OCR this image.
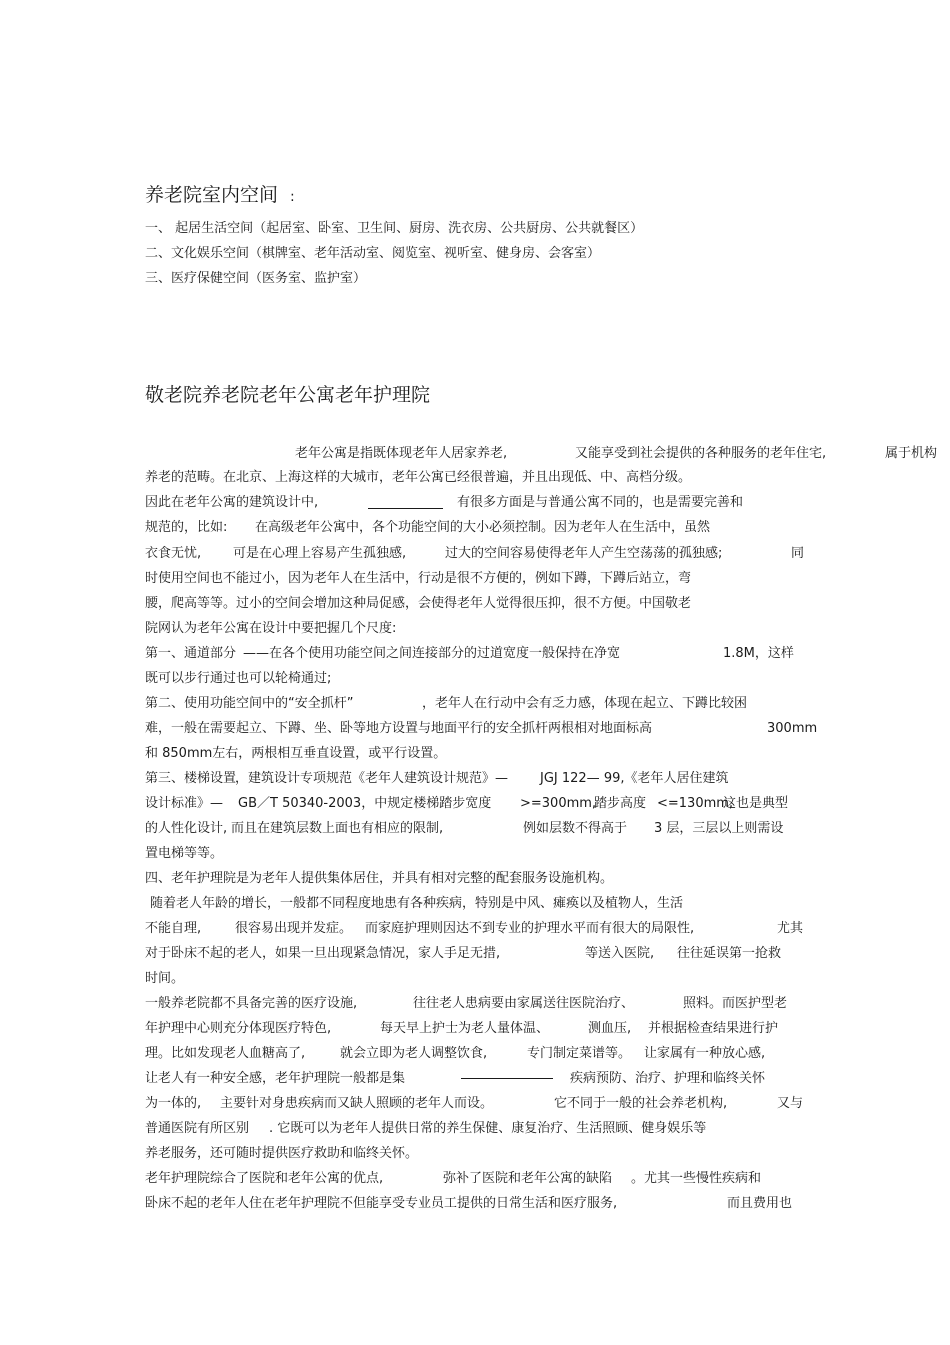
养老院室内空间 :
一、 起居生活空间（起居室、卧室、卫生间、厨房、洗衣房、公共厨房、公共就餐区）
二、文化娱乐空间（棋牌室、老年活动室、阅览室、视听室、健身房、会客室）
三、医疗保健空间（医务室、监护室）
敬老院养老院老年公寓老年护理院
老年公寓是指既体现老年人居家养老,	又能享受到社会提供的各种服务的老年住宅,	属于机构
养老的范畴。在北京、上海这样的大城市，老年公寓已经很普遍，并且出现低、中、高档分级。
因此在老年公寓的建筑设计中,	有很多方面是与普通公寓不同的，也是需要完善和
规范的，比如: 在高级老年公寓中，各个功能空间的大小必须控制。因为老年人在生活中，虽然
衣食无忧, 可是在心理上容易产生孤独感,	过大的空间容易使得老年人产生空荡荡的孤独感;	同
时使用空间也不能过小，因为老年人在生活中，行动是很不方便的，例如下蹲，下蹲后站立，弯
腰，爬高等等。过小的空间会增加这种局促感，会使得老年人觉得很压抑，很不方便。中国敬老
院网认为老年公寓在设计中要把握几个尺度:
第一、通道部分 ——在各个使用功能空间之间连接部分的过道宽度一般保持在净宽	1.8M，这样
既可以步行通过也可以轮椅通过;
第二、使用功能空间中的“安全抓杆”	，老年人在行动中会有乏力感，体现在起立、下蹲比较困
难，一般在需要起立、下蹲、坐、卧等地方设置与地面平行的安全抓杆两根相对地面标高	300mm
和 850mm左右，两根相互垂直设置，或平行设置。
第三、楼梯设置
，建筑设计专项规范《老年人建筑设计规范》— JGJ 122— 99,《老年人居住建筑
设计标准》— GB／T 50340-2003，中规定楼梯踏步宽度 >=300mm,
踏步高度 <=130mm,
这也是典型
的人性化设计, 而且在建筑层数上面也有相应的限制,	例如层数不得高于 3 层，三层以上则需设
置电梯等等。
四、老年护理院是为老年人提供集体居住，并具有相对完整的配套服务设施机构。
随着老人年龄的增长，一般都不同程度地患有各种疾病，特别是中风、瘫痪以及植物人，生活
不能自理,	很容易出现并发症。 而家庭护理则因达不到专业的护理水平而有很大的局限性,	尤其
对于卧床不起的老人，如果一旦出现紧急情况，家人手足无措,	等送入医院, 往往延误第一抢救
时间。
一般养老院都不具备完善的医疗设施,	往往老人患病要由家属送往医院治疗、	照料。而医护型老
年护理中心则充分体现医疗特色,	每天早上护士为老人量体温、	测血压, 并根据检查结果进行护
理。比如发现老人血糖高了,	就会立即为老人调整饮食,	专门制定菜谱等。 让家属有一种放心感,
让老人有一种安全感，老年护理院一般都是集	疾病预防、治疗、护理和临终关怀
为一体的, 主要针对身患疾病而又缺人照顾的老年人而设。	它不同于一般的社会养老机构,	又与
普通医院有所区别 . 它既可以为老年人提供日常的养生保健、康复治疗、生活照顾、健身娱乐等
养老服务，还可随时提供医疗救助和临终关怀。
老年护理院综合了医院和老年公寓的优点,	弥补了医院和老年公寓的缺陷 。尤其一些慢性疾病和
卧床不起的老年人住在老年护理院不但能享受专业员工提供的日常生活和医疗服务,	而且费用也
